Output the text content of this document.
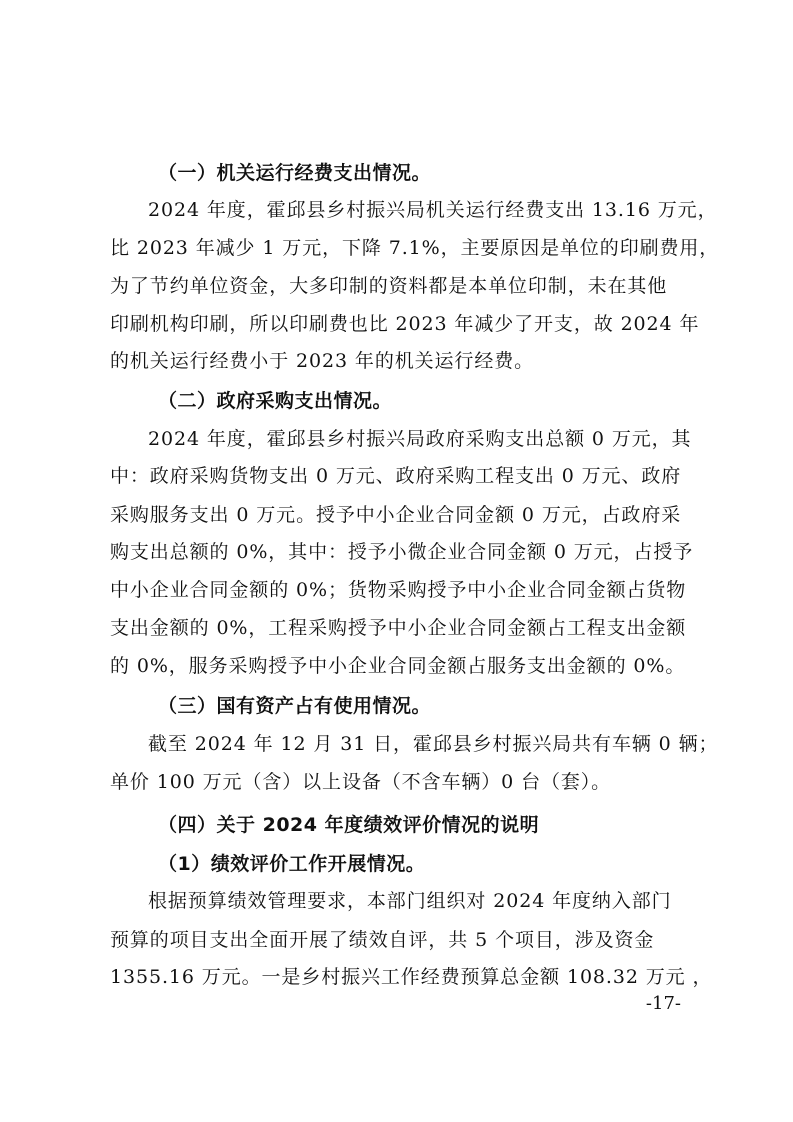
（一）机关运行经费支出情况。
2024 年度，霍邱县乡村振兴局机关运行经费支出 13.16 万元，
比 2023 年减少 1 万元，下降 7.1%，主要原因是单位的印刷费用，
为了节约单位资金，大多印制的资料都是本单位印制，未在其他
印刷机构印刷，所以印刷费也比 2023 年减少了开支，故 2024 年
的机关运行经费小于 2023 年的机关运行经费。
（二）政府采购支出情况。
2024 年度，霍邱县乡村振兴局政府采购支出总额 0 万元，其
中：政府采购货物支出 0 万元、政府采购工程支出 0 万元、政府
采购服务支出 0 万元。授予中小企业合同金额 0 万元，占政府采
购支出总额的 0%，其中：授予小微企业合同金额 0 万元，占授予
中小企业合同金额的 0%；货物采购授予中小企业合同金额占货物
支出金额的 0%，工程采购授予中小企业合同金额占工程支出金额
的 0%，服务采购授予中小企业合同金额占服务支出金额的 0%。
（三）国有资产占有使用情况。
截至 2024 年 12 月 31 日，霍邱县乡村振兴局共有车辆 0 辆；
单价 100 万元（含）以上设备（不含车辆）0 台（套）。
（四）关于 2024 年度绩效评价情况的说明
（1）绩效评价工作开展情况。
根据预算绩效管理要求，本部门组织对 2024 年度纳入部门
预算的项目支出全面开展了绩效自评，共 5 个项目，涉及资金
1355.16 万元。一是乡村振兴工作经费预算总金额 108.32 万元 ，
-17-
